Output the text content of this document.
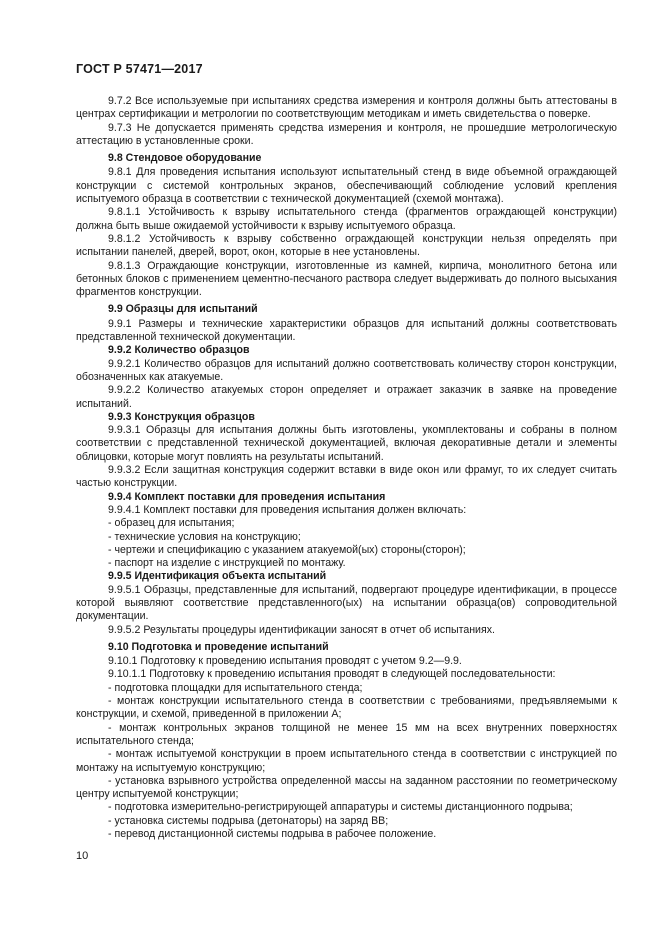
ГОСТ Р 57471—2017

9.7.2 Все используемые при испытаниях средства измерения и контроля должны быть аттестованы в центрах сертификации и метрологии по соответствующим методикам и иметь свидетельства о поверке.

9.7.3 Не допускается применять средства измерения и контроля, не прошедшие метрологическую аттестацию в установленные сроки.

9.8 Стендовое оборудование

9.8.1 Для проведения испытания используют испытательный стенд в виде объемной ограждающей конструкции с системой контрольных экранов, обеспечивающий соблюдение условий крепления испытуемого образца в соответствии с технической документацией (схемой монтажа).

9.8.1.1 Устойчивость к взрыву испытательного стенда (фрагментов ограждающей конструкции) должна быть выше ожидаемой устойчивости к взрыву испытуемого образца.

9.8.1.2 Устойчивость к взрыву собственно ограждающей конструкции нельзя определять при испытании панелей, дверей, ворот, окон, которые в нее установлены.

9.8.1.3 Ограждающие конструкции, изготовленные из камней, кирпича, монолитного бетона или бетонных блоков с применением цементно-песчаного раствора следует выдерживать до полного высыхания фрагментов конструкции.

9.9 Образцы для испытаний

9.9.1 Размеры и технические характеристики образцов для испытаний должны соответствовать представленной технической документации.

9.9.2 Количество образцов

9.9.2.1 Количество образцов для испытаний должно соответствовать количеству сторон конструкции, обозначенных как атакуемые.

9.9.2.2 Количество атакуемых сторон определяет и отражает заказчик в заявке на проведение испытаний.

9.9.3 Конструкция образцов

9.9.3.1 Образцы для испытания должны быть изготовлены, укомплектованы и собраны в полном соответствии с представленной технической документацией, включая декоративные детали и элементы облицовки, которые могут повлиять на результаты испытаний.

9.9.3.2 Если защитная конструкция содержит вставки в виде окон или фрамуг, то их следует считать частью конструкции.

9.9.4 Комплект поставки для проведения испытания

9.9.4.1 Комплект поставки для проведения испытания должен включать:

- образец для испытания;

- технические условия на конструкцию;

- чертежи и спецификацию с указанием атакуемой(ых) стороны(сторон);

- паспорт на изделие с инструкцией по монтажу.

9.9.5 Идентификация объекта испытаний

9.9.5.1 Образцы, представленные для испытаний, подвергают процедуре идентификации, в процессе которой выявляют соответствие представленного(ых) на испытании образца(ов) сопроводительной документации.

9.9.5.2 Результаты процедуры идентификации заносят в отчет об испытаниях.

9.10 Подготовка и проведение испытаний

9.10.1 Подготовку к проведению испытания проводят с учетом 9.2—9.9.

9.10.1.1 Подготовку к проведению испытания проводят в следующей последовательности:

- подготовка площадки для испытательного стенда;

- монтаж конструкции испытательного стенда в соответствии с требованиями, предъявляемыми к конструкции, и схемой, приведенной в приложении А;

- монтаж контрольных экранов толщиной не менее 15 мм на всех внутренних поверхностях испытательного стенда;

- монтаж испытуемой конструкции в проем испытательного стенда в соответствии с инструкцией по монтажу на испытуемую конструкцию;

- установка взрывного устройства определенной массы на заданном расстоянии по геометрическому центру испытуемой конструкции;

- подготовка измерительно-регистрирующей аппаратуры и системы дистанционного подрыва;

- установка системы подрыва (детонаторы) на заряд ВВ;

- перевод дистанционной системы подрыва в рабочее положение.

10
